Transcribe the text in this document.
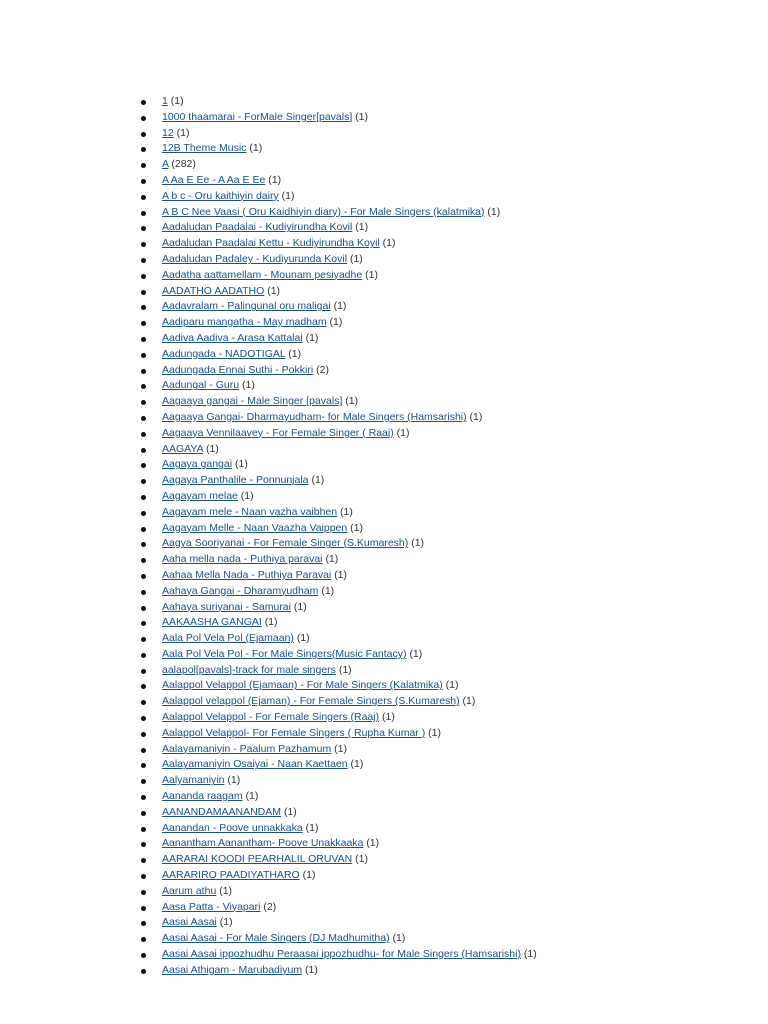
1 (1)
1000 thaamarai - ForMale Singer[pavals] (1)
12 (1)
12B Theme Music (1)
A (282)
A Aa E Ee - A Aa E Ee (1)
A b c - Oru kaithiyin dairy (1)
A B C Nee Vaasi ( Oru Kaidhiyin diary) - For Male Singers (kalatmika) (1)
Aadaludan Paadalai - Kudiyirundha Kovil (1)
Aadaludan Paadalai Kettu - Kudiyirundha Koyil (1)
Aadaludan Padaley - Kudiyurunda Kovil (1)
Aadatha aattamellam - Mounam pesiyadhe (1)
AADATHO AADATHO (1)
Aadavralam - Palingunal oru maligai (1)
Aadiparu mangatha - May madham (1)
Aadiva Aadiva - Arasa Kattalai (1)
Aadungada - NADOTIGAL (1)
Aadungada Ennai Suthi - Pokkiri (2)
Aadungal - Guru (1)
Aagaaya gangai - Male Singer [pavals] (1)
Aagaaya Gangai- Dharmayudham- for Male Singers (Hamsarishi) (1)
Aagaaya Vennilaavey - For Female Singer ( Raaj) (1)
AAGAYA (1)
Aagaya gangai (1)
Aagaya Panthalile - Ponnunjala (1)
Aagayam melae (1)
Aagayam mele - Naan vazha vaibhen (1)
Aagayam Melle - Naan Vaazha Vaippen (1)
Aagya Sooriyanai - For Female Singer (S.Kumaresh) (1)
Aaha mella nada - Puthiya paravai (1)
Aahaa Mella Nada - Puthiya Paravai (1)
Aahaya Gangai - Dharamyudham (1)
Aahaya suriyanai - Samurai (1)
AAKAASHA GANGAI (1)
Aala Pol Vela Pol (Ejamaan) (1)
Aala Pol Vela Pol - For Male Singers(Music Fantacy) (1)
aalapol[pavals]-track for male singers (1)
Aalappol Velappol (Ejamaan) - For Male Singers (Kalatmika) (1)
Aalappol velappol (Ejaman) - For Female Singers (S.Kumaresh) (1)
Aalappol Velappol - For Female Singers (Raaj) (1)
Aalappol Velappol- For Female Singers ( Rupha Kumar ) (1)
Aalayamaniyin - Paalum Pazhamum (1)
Aalayamaniyin Osaiyai - Naan Kaettaen (1)
Aalyamaniyin (1)
Aananda raagam (1)
AANANDAMAANANDAM (1)
Aanandan - Poove unnakkaka (1)
Aanantham Aanantham- Poove Unakkaaka (1)
AARARAI KOODI PEARHALIL ORUVAN (1)
AARARIRO PAADIYATHARO (1)
Aarum athu (1)
Aasa Patta - Viyapari (2)
Aasai Aasai (1)
Aasai Aasai - For Male Singers (DJ Madhumitha) (1)
Aasai Aasai ippozhudhu Peraasai ippozhudhu- for Male Singers (Hamsarishi) (1)
Aasai Athigam - Marubadiyum (1)
